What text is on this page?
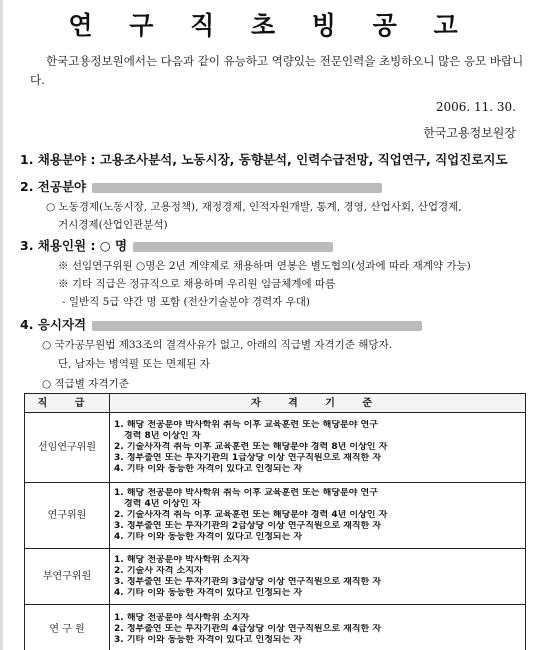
연 구 직 초 빙 공 고
한국고용정보원에서는 다음과 같이 유능하고 역량있는 전문인력을 초빙하오니 많은 응모 바랍니다.
2006. 11. 30.
한국고용정보원장
1. 채용분야 : 고용조사분석, 노동시장, 동향분석, 인력수급전망, 직업연구, 직업진로지도
2. 전공분야
○ 노동경제(노동시장, 고용정책), 재정경제, 인적자원개발, 통계, 경영, 산업사회, 산업경제,
거시경제(산업인관분석)
3. 채용인원 : ○ 명
※ 선임연구위원 ○명은 2년 계약제로 채용하며 연봉은 별도협의(성과에 따라 재계약 가능)
※ 기타 직급은 정규직으로 채용하며 우리원 임금체계에 따름
- 일반직 5급 약간 명 포함 (전산기술분야 경력자 우대)
4. 응시자격
○ 국가공무원법 제33조의 결격사유가 없고, 아래의 직급별 자격기준 해당자.
단, 남자는 병역필 또는 면제된 자
○ 직급별 자격기준
직 급	자 격 기 준
선임연구위원	1. 해당 전공분야 박사학위 취득 이후 교육훈련 또는 해당분야 연구
경력 8년 이상인 자
2. 기술사자격 취득 이후 교육훈련 또는 해당분야 경력 8년 이상인 자
3. 정부출연 또는 투자기관의 1급상당 이상 연구직원으로 재직한 자
4. 기타 이와 동등한 자격이 있다고 인정되는 자

연구위원	1. 해당 전공분야 박사학위 취득 이후 교육훈련 또는 해당분야 연구
경력 4년 이상인 자
2. 기술사자격 취득 이후 교육훈련 또는 해당분야 경력 4년 이상인 자
3. 정부출연 또는 투자기관의 2급상당 이상 연구직원으로 재직한 자
4. 기타 이와 동등한 자격이 있다고 인정되는 자

부연구위원	1. 해당 전공분야 박사학위 소지자
2. 기술사 자격 소지자
3. 정부출연 또는 투자기관의 3급상당 이상 연구직원으로 재직한 자
4. 기타 이와 동등한 자격이 있다고 인정되는 자

연 구 원	1. 해당 전공분야 석사학위 소지자
2. 정부출연 또는 투자기관의 4급상당 이상 연구직원으로 재직한 자
3. 기타 이와 동등한 자격이 있다고 인정되는 자
